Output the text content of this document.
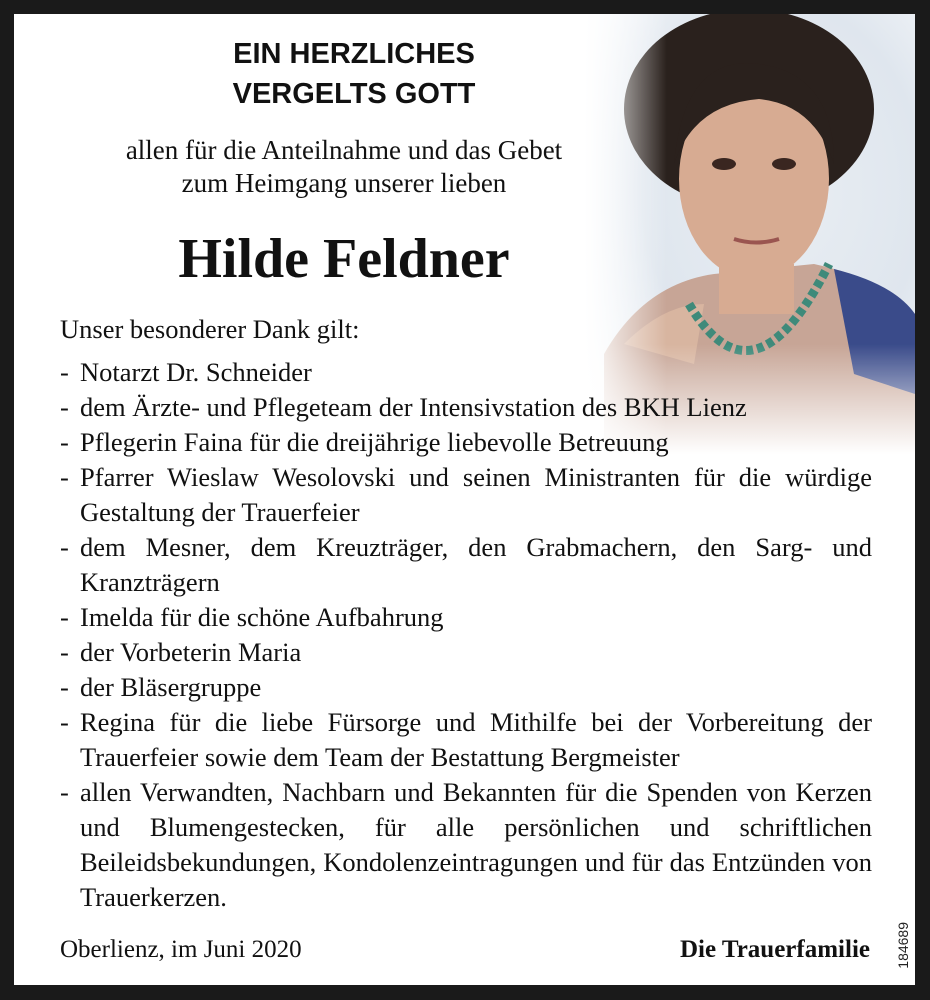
EIN HERZLICHES
VERGELTS GOTT
allen für die Anteilnahme und das Gebet
zum Heimgang unserer lieben
Hilde Feldner
Unser besonderer Dank gilt:
- Notarzt Dr. Schneider
- dem Ärzte- und Pflegeteam der Intensivstation des BKH Lienz
- Pflegerin Faina für die dreijährige liebevolle Betreuung
- Pfarrer Wieslaw Wesolovski und seinen Ministranten für die würdige Gestaltung der Trauerfeier
- dem Mesner, dem Kreuzträger, den Grabmachern, den Sarg- und Kranzträgern
- Imelda für die schöne Aufbahrung
- der Vorbeterin Maria
- der Bläsergruppe
- Regina für die liebe Fürsorge und Mithilfe bei der Vorbereitung der Trauerfeier sowie dem Team der Bestattung Bergmeister
- allen Verwandten, Nachbarn und Bekannten für die Spenden von Kerzen und Blumengestecken, für alle persönlichen und schriftlichen Beileidsbekundungen, Kondolenzeintragungen und für das Entzünden von Trauerkerzen.
Oberlienz, im Juni 2020	Die Trauerfamilie 184689
